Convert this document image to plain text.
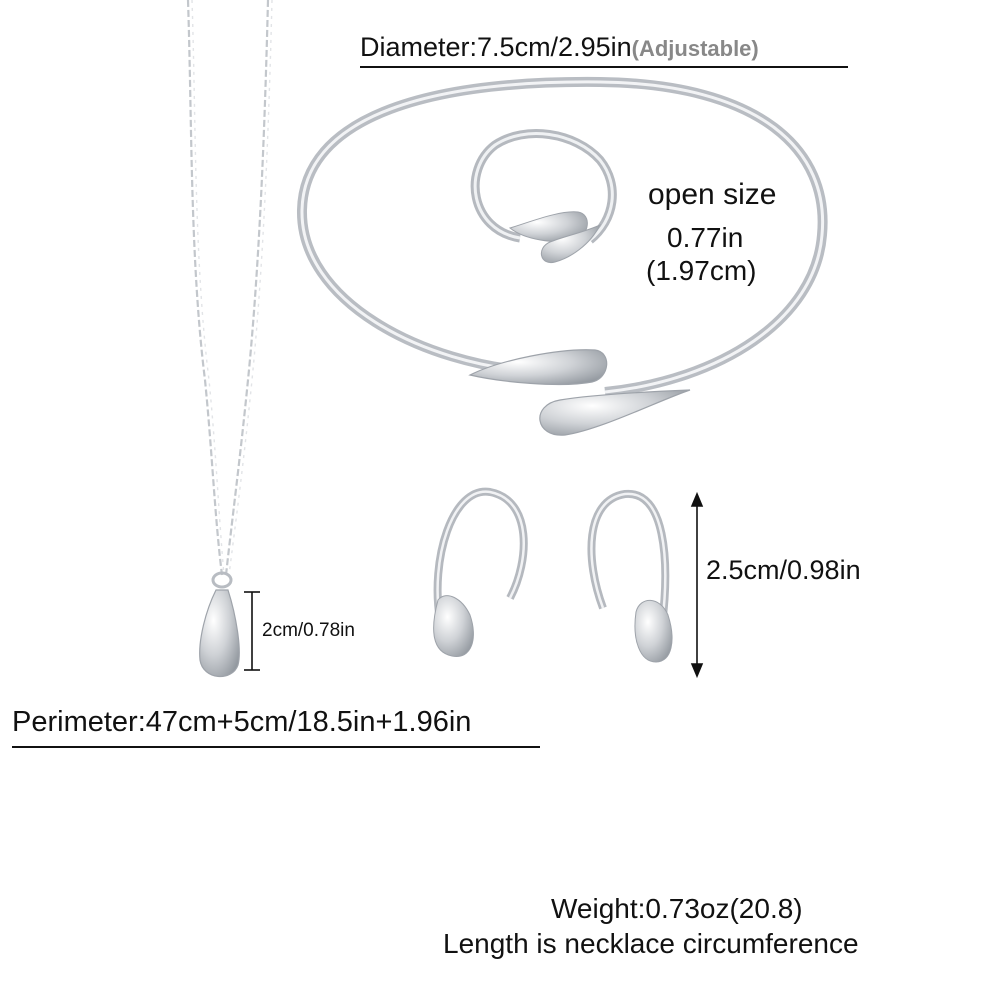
Diameter:7.5cm/2.95in(Adjustable)
open size
0.77in
(1.97cm)
2.5cm/0.98in
2cm/0.78in
Perimeter:47cm+5cm/18.5in+1.96in
Weight:0.73oz(20.8)
Length is necklace circumference
